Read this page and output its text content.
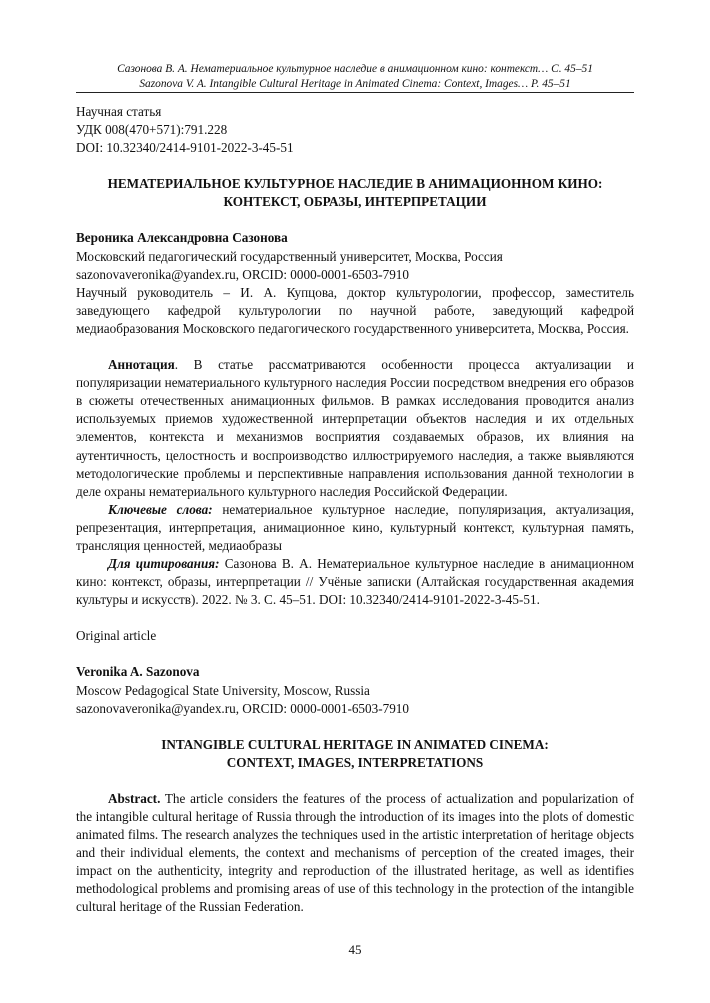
Сазонова В. А. Нематериальное культурное наследие в анимационном кино: контекст… С. 45–51
Sazonova V. A. Intangible Cultural Heritage in Animated Cinema: Context, Images… P. 45–51

Научная статья

УДК 008(470+571):791.228

DOI: 10.32340/2414-9101-2022-3-45-51

НЕМАТЕРИАЛЬНОЕ КУЛЬТУРНОЕ НАСЛЕДИЕ В АНИМАЦИОННОМ КИНО:
КОНТЕКСТ, ОБРАЗЫ, ИНТЕРПРЕТАЦИИ

Вероника Александровна Сазонова

Московский педагогический государственный университет, Москва, Россия

sazonovaveronika@yandex.ru, ORCID: 0000-0001-6503-7910

Научный руководитель – И. А. Купцова, доктор культурологии, профессор, заместитель заведующего кафедрой культурологии по научной работе, заведующий кафедрой медиаобразования Московского педагогического государственного университета, Москва, Россия.

Аннотация. В статье рассматриваются особенности процесса актуализации и популяризации нематериального культурного наследия России посредством внедрения его образов в сюжеты отечественных анимационных фильмов. В рамках исследования проводится анализ используемых приемов художественной интерпретации объектов наследия и их отдельных элементов, контекста и механизмов восприятия создаваемых образов, их влияния на аутентичность, целостность и воспроизводство иллюстрируемого наследия, а также выявляются методологические проблемы и перспективные направления использования данной технологии в деле охраны нематериального культурного наследия Российской Федерации.

Ключевые слова: нематериальное культурное наследие, популяризация, актуализация, репрезентация, интерпретация, анимационное кино, культурный контекст, культурная память, трансляция ценностей, медиаобразы

Для цитирования: Сазонова В. А. Нематериальное культурное наследие в анимационном кино: контекст, образы, интерпретации // Учёные записки (Алтайская государственная академия культуры и искусств). 2022. № 3. С. 45–51. DOI: 10.32340/2414-9101-2022-3-45-51.

Original article

Veronika A. Sazonova

Moscow Pedagogical State University, Moscow, Russia

sazonovaveronika@yandex.ru, ORCID: 0000-0001-6503-7910

INTANGIBLE CULTURAL HERITAGE IN ANIMATED CINEMA:
CONTEXT, IMAGES, INTERPRETATIONS

Abstract. The article considers the features of the process of actualization and popularization of the intangible cultural heritage of Russia through the introduction of its images into the plots of domestic animated films. The research analyzes the techniques used in the artistic interpretation of heritage objects and their individual elements, the context and mechanisms of perception of the created images, their impact on the authenticity, integrity and reproduction of the illustrated heritage, as well as identifies methodological problems and promising areas of use of this technology in the protection of the intangible cultural heritage of the Russian Federation.

45
